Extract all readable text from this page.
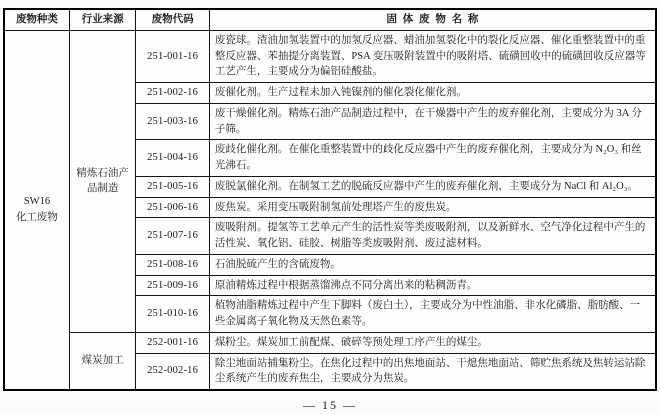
废物种类	行业来源	废物代码	固体废物名称

SW16
化工废物	精炼石油产品制造	251-001-16	废瓷球。渣油加氢装置中的加氢反应器、蜡油加氢裂化中的裂化反应器、催化重整装置中的重整反应器、苯抽提分离装置、PSA 变压吸附装置中的吸附塔、硫磺回收中的硫磺回收反应器等工艺产生，主要成分为偏铝硅酸盐。
		251-002-16	废催化剂。生产过程未加入钝镍剂的催化裂化催化剂。
		251-003-16	废干燥催化剂。精炼石油产品制造过程中，在干燥器中产生的废弃催化剂，主要成分为 3A 分子筛。
		251-004-16	废歧化催化剂。在催化重整装置中的歧化反应器中产生的废弃催化剂，主要成分为 N₂O₃ 和丝光沸石。
		251-005-16	废脱氯催化剂。在制氢工艺的脱硫反应器中产生的废弃催化剂，主要成分为 NaCl 和 Al₂O₃。
		251-006-16	废焦炭。采用变压吸附制氢前处理塔产生的废焦炭。
		251-007-16	废吸附剂。提氢等工艺单元产生的活性炭等类废吸附剂，以及新鲜水、空气净化过程中产生的活性炭、氧化铝、硅胶、树脂等类废吸附剂、废过滤材料。
		251-008-16	石油脱硫产生的含硫废物。
		251-009-16	原油精炼过程中根据蒸馏沸点不同分离出来的粘稠沥青。
		251-010-16	植物油脂精炼过程中产生下脚料（废白土），主要成分为中性油脂、非水化磷脂、脂肪酸、一些金属离子氧化物及天然色素等。
	煤炭加工	252-001-16	煤粉尘。煤炭加工前配煤、破碎等预处理工序产生的煤尘。
		252-002-16	除尘地面站捕集粉尘。在焦化过程中的出焦地面站、干熄焦地面站、筛贮焦系统及焦转运站除尘系统产生的废弃焦尘，主要成分为焦炭。
— 15 —
